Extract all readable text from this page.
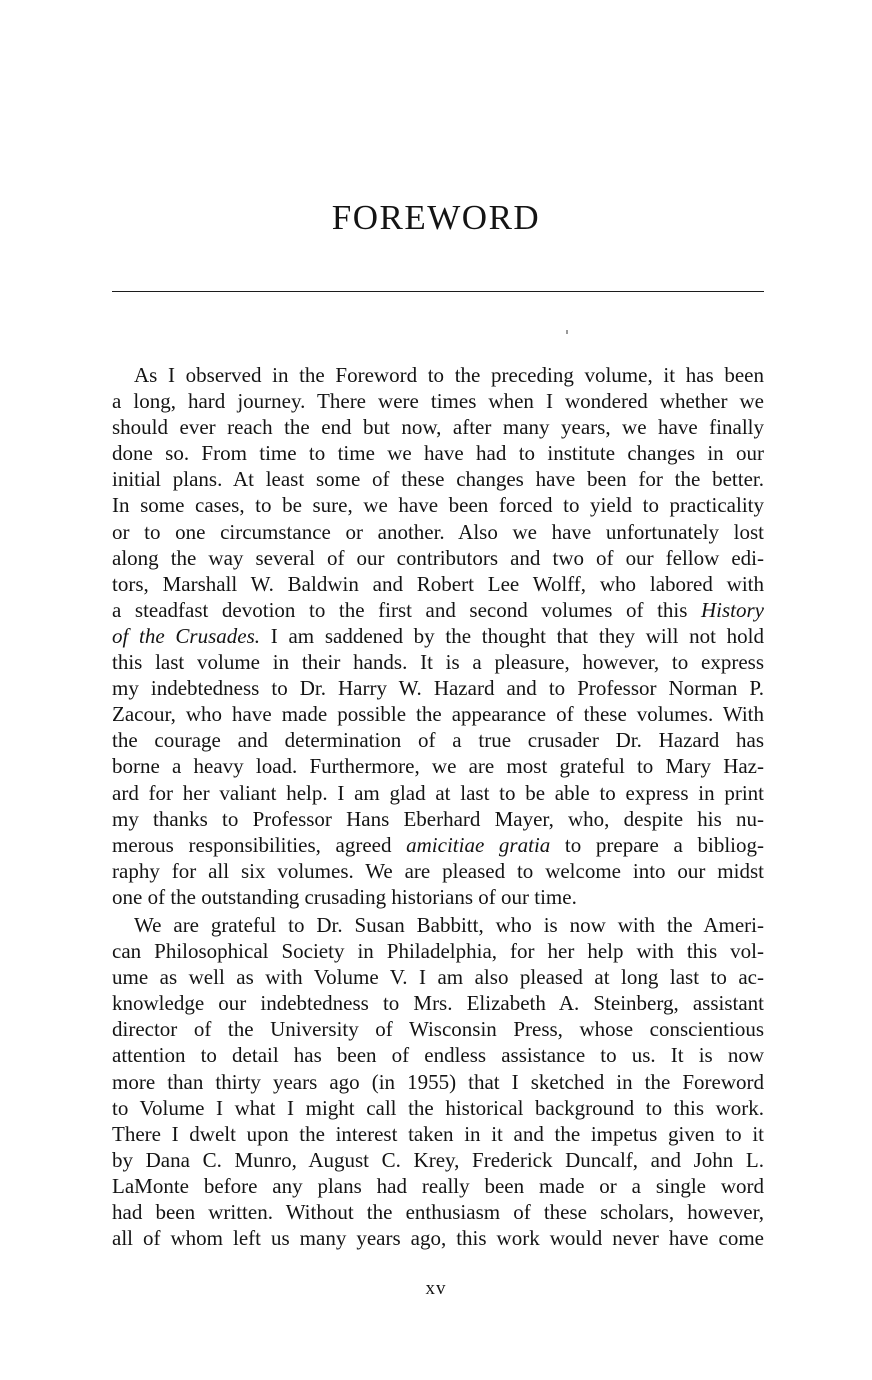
FOREWORD
As I observed in the Foreword to the preceding volume, it has been
a long, hard journey. There were times when I wondered whether we
should ever reach the end but now, after many years, we have finally
done so. From time to time we have had to institute changes in our
initial plans. At least some of these changes have been for the better.
In some cases, to be sure, we have been forced to yield to practicality
or to one circumstance or another. Also we have unfortunately lost
along the way several of our contributors and two of our fellow edi-
tors, Marshall W. Baldwin and Robert Lee Wolff, who labored with
a steadfast devotion to the first and second volumes of this History
of the Crusades. I am saddened by the thought that they will not hold
this last volume in their hands. It is a pleasure, however, to express
my indebtedness to Dr. Harry W. Hazard and to Professor Norman P.
Zacour, who have made possible the appearance of these volumes. With
the courage and determination of a true crusader Dr. Hazard has
borne a heavy load. Furthermore, we are most grateful to Mary Haz-
ard for her valiant help. I am glad at last to be able to express in print
my thanks to Professor Hans Eberhard Mayer, who, despite his nu-
merous responsibilities, agreed amicitiae gratia to prepare a bibliog-
raphy for all six volumes. We are pleased to welcome into our midst
one of the outstanding crusading historians of our time.
We are grateful to Dr. Susan Babbitt, who is now with the Ameri-
can Philosophical Society in Philadelphia, for her help with this vol-
ume as well as with Volume V. I am also pleased at long last to ac-
knowledge our indebtedness to Mrs. Elizabeth A. Steinberg, assistant
director of the University of Wisconsin Press, whose conscientious
attention to detail has been of endless assistance to us. It is now
more than thirty years ago (in 1955) that I sketched in the Foreword
to Volume I what I might call the historical background to this work.
There I dwelt upon the interest taken in it and the impetus given to it
by Dana C. Munro, August C. Krey, Frederick Duncalf, and John L.
LaMonte before any plans had really been made or a single word
had been written. Without the enthusiasm of these scholars, however,
all of whom left us many years ago, this work would never have come
xv
